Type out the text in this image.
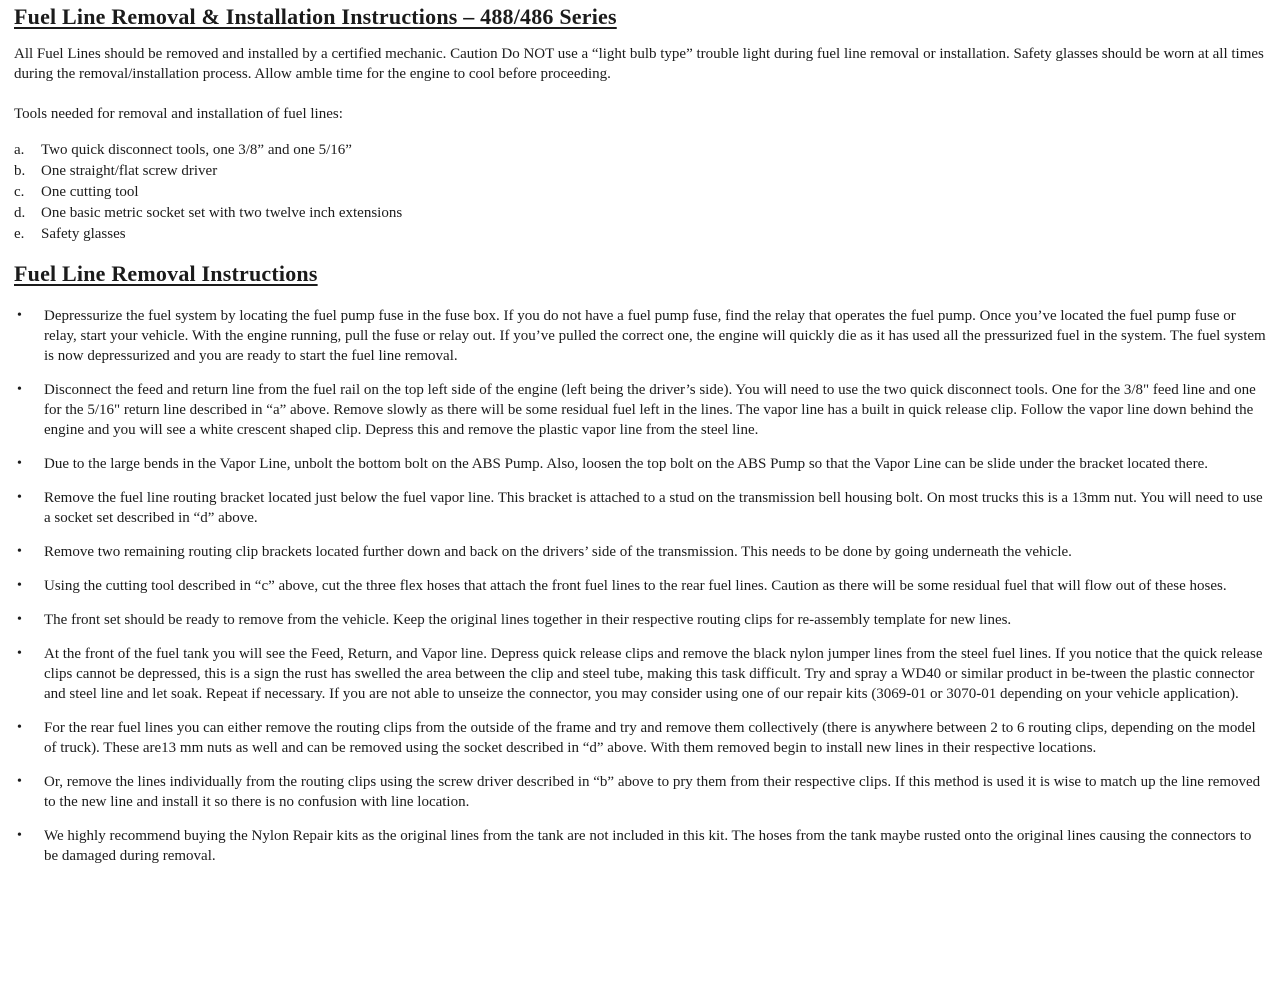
Fuel Line Removal & Installation Instructions – 488/486 Series

All Fuel Lines should be removed and installed by a certified mechanic. Caution Do NOT use a “light bulb type” trouble light during fuel line removal or installation. Safety glasses should be worn at all times during the removal/installation process. Allow amble time for the engine to cool before proceeding.

Tools needed for removal and installation of fuel lines:

a.	Two quick disconnect tools, one 3/8” and one 5/16”
b.	One straight/flat screw driver
c.	One cutting tool
d.	One basic metric socket set with two twelve inch extensions
e.	Safety glasses
Fuel Line Removal Instructions
•	Depressurize the fuel system by locating the fuel pump fuse in the fuse box. If you do not have a fuel pump fuse, find the relay that operates the fuel pump. Once you’ve located the fuel pump fuse or relay, start your vehicle. With the engine running, pull the fuse or relay out. If you’ve pulled the correct one, the engine will quickly die as it has used all the pressurized fuel in the system. The fuel system is now depressurized and you are ready to start the fuel line removal.
•	Disconnect the feed and return line from the fuel rail on the top left side of the engine (left being the driver’s side). You will need to use the two quick disconnect tools. One for the 3/8" feed line and one for the 5/16" return line described in “a” above. Remove slowly as there will be some residual fuel left in the lines. The vapor line has a built in quick release clip. Follow the vapor line down behind the engine and you will see a white crescent shaped clip. Depress this and remove the plastic vapor line from the steel line.
•	Due to the large bends in the Vapor Line, unbolt the bottom bolt on the ABS Pump. Also, loosen the top bolt on the ABS Pump so that the Vapor Line can be slide under the bracket located there.
•	Remove the fuel line routing bracket located just below the fuel vapor line. This bracket is attached to a stud on the transmission bell housing bolt. On most trucks this is a 13mm nut. You will need to use a socket set described in “d” above.
•	Remove two remaining routing clip brackets located further down and back on the drivers’ side of the transmission. This needs to be done by going underneath the vehicle.
•	Using the cutting tool described in “c” above, cut the three flex hoses that attach the front fuel lines to the rear fuel lines. Caution as there will be some residual fuel that will flow out of these hoses.
•	The front set should be ready to remove from the vehicle. Keep the original lines together in their respective routing clips for re-assembly template for new lines.
•	At the front of the fuel tank you will see the Feed, Return, and Vapor line. Depress quick release clips and remove the black nylon jumper lines from the steel fuel lines. If you notice that the quick release clips cannot be depressed, this is a sign the rust has swelled the area between the clip and steel tube, making this task difficult. Try and spray a WD40 or similar product in be-tween the plastic connector and steel line and let soak. Repeat if necessary. If you are not able to unseize the connector, you may consider using one of our repair kits (3069-01 or 3070-01 depending on your vehicle application).
•	For the rear fuel lines you can either remove the routing clips from the outside of the frame and try and remove them collectively (there is anywhere between 2 to 6 routing clips, depending on the model of truck). These are13 mm nuts as well and can be removed using the socket described in “d” above. With them removed begin to install new lines in their respective locations.
•	Or, remove the lines individually from the routing clips using the screw driver described in “b” above to pry them from their respective clips. If this method is used it is wise to match up the line removed to the new line and install it so there is no confusion with line location.
•	We highly recommend buying the Nylon Repair kits as the original lines from the tank are not included in this kit. The hoses from the tank maybe rusted onto the original lines causing the connectors to be damaged during removal.
